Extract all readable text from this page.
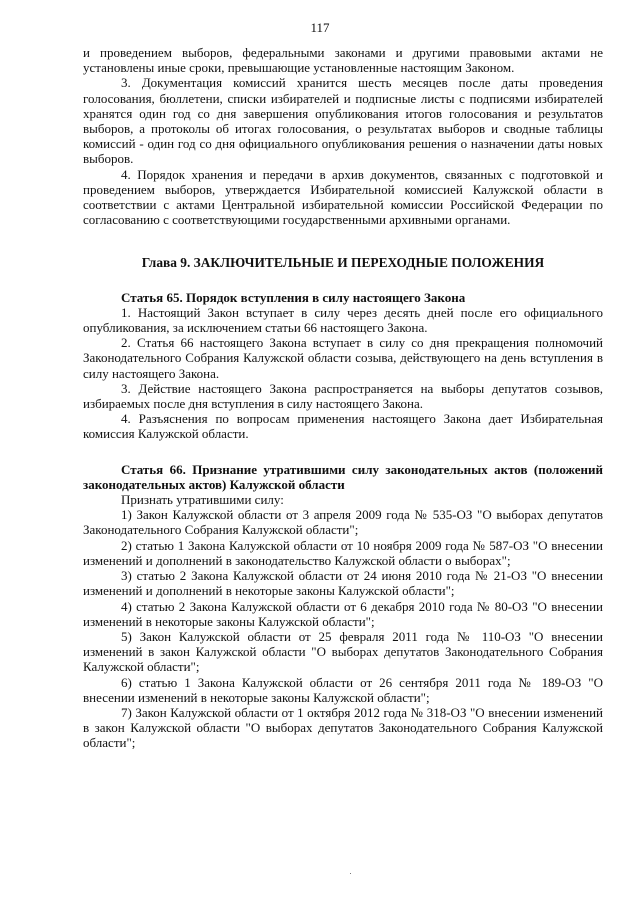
117

и проведением выборов, федеральными законами и другими правовыми актами не установлены иные сроки, превышающие установленные настоящим Законом.

3. Документация комиссий хранится шесть месяцев после даты проведения голосования, бюллетени, списки избирателей и подписные листы с подписями избирателей хранятся один год со дня завершения опубликования итогов голосования и результатов выборов, а протоколы об итогах голосования, о результатах выборов и сводные таблицы комиссий - один год со дня официального опубликования решения о назначении даты новых выборов.

4. Порядок хранения и передачи в архив документов, связанных с подготовкой и проведением выборов, утверждается Избирательной комиссией Калужской области в соответствии с актами Центральной избирательной комиссии Российской Федерации по согласованию с соответствующими государственными архивными органами.

Глава 9. ЗАКЛЮЧИТЕЛЬНЫЕ И ПЕРЕХОДНЫЕ ПОЛОЖЕНИЯ

Статья 65. Порядок вступления в силу настоящего Закона

1. Настоящий Закон вступает в силу через десять дней после его официального опубликования, за исключением статьи 66 настоящего Закона.

2. Статья 66 настоящего Закона вступает в силу со дня прекращения полномочий Законодательного Собрания Калужской области созыва, действующего на день вступления в силу настоящего Закона.

3. Действие настоящего Закона распространяется на выборы депутатов созывов, избираемых после дня вступления в силу настоящего Закона.

4. Разъяснения по вопросам применения настоящего Закона дает Избирательная комиссия Калужской области.

Статья 66. Признание утратившими силу законодательных актов (положений законодательных актов) Калужской области

Признать утратившими силу:

1) Закон Калужской области от 3 апреля 2009 года № 535-ОЗ "О выборах депутатов Законодательного Собрания Калужской области";

2) статью 1 Закона Калужской области от 10 ноября 2009 года № 587-ОЗ "О внесении изменений и дополнений в законодательство Калужской области о выборах";

3) статью 2 Закона Калужской области от 24 июня 2010 года № 21-ОЗ "О внесении изменений и дополнений в некоторые законы Калужской области";

4) статью 2 Закона Калужской области от 6 декабря 2010 года № 80-ОЗ "О внесении изменений в некоторые законы Калужской области";

5) Закон Калужской области от 25 февраля 2011 года № 110-ОЗ "О внесении изменений в закон Калужской области "О выборах депутатов Законодательного Собрания Калужской области";

6) статью 1 Закона Калужской области от 26 сентября 2011 года № 189-ОЗ "О внесении изменений в некоторые законы Калужской области";

7) Закон Калужской области от 1 октября 2012 года № 318-ОЗ "О внесении изменений в закон Калужской области "О выборах депутатов Законодательного Собрания Калужской области";
